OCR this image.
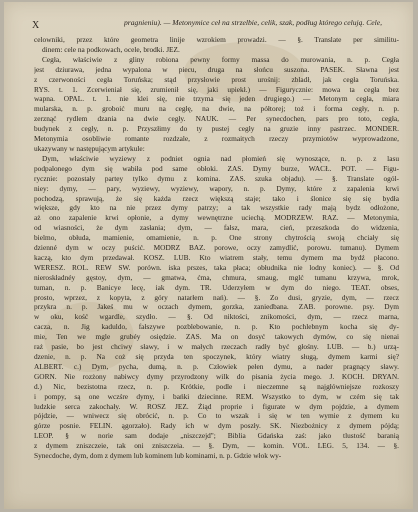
X	pragnieniu). — Metonymice ceł na strzelbie, celik, szak, podług którego celują. Cele,
celowniki, przez które geometra linije wzrokiem prowadzi. — §. Translate per similitu-
dinem: cele na podkowach, ocele, brodki. JEZ.
Cegła, właściwie z gliny robiona pewny formy massa do murowania, n. p. Cegła
jest dziurawa, jedna wypalona w piecu, druga na słońcu suszona. PASEK. Sławna jest
z czerwoności cegła Toruńska; stąd przysłowie prost urośnij: zbladł, jak cegła Toruńska.
RYS. t. 1. Zcerwieniał się, zrumienił się, jaki upiekł.) — Figurycznie: mowa ta cegła bez
wapna. OPAL. t. 1. nie klei się, nie trzyma się jeden drugiego.) — Metonym cegła, miara
mularska, n. p. groboić muru na cegłę, na dwie, na półtorej; toż i forma cegły, n. p.
zerznąć rydlem dzania na dwie cegły. NAUK. — Per synecdochen, pars pro toto, cegła,
budynek z cegły, n. p. Przyszłimy do ty pustej cegły na gruzie inny pastrzec. MONDER.
Metonymia osobliwie romante rozdzale, z rozmaitych rzeczy przymiotów wyprowadzone,
ukazywany w następującym artykule:
Dym, właściwie wyziewy z podniet ognia nad płomień się wynoszące, n. p. z lasu
podpalonego dym się wabiła pod same obłoki. ZAS. Dymy burze, WACŁ. POT. — Figu-
rycznie: pozostały partey tylko dymu z komina. ZAS. szuka objadu). — §. Translate ogól-
niey: dymy, — pary, wyziewy, wyziewy, wapory, n. p. Dymy, które z zapalenia krwi
pochodzą, sprawują, że się każda rzecz większą staje; tako i ślonice się się bydła
większe, gdy kto na nie przez dymy patrzy; a tak wszystkie rady mają bydz odłożone,
aż ono zapalenie krwi opłonie, a dymy wewnętrzne uciechą. MODRZEW. RAZ. — Metonymia,
od wiasności, że dym zasłania; dym, — fałsz, mara, cień, przeszkoda do widzenia,
bielmo, obłuda, mamienie, omamienie, n. p. One strony chytrością swoją chciały się
dzienné dym w oczy puścić. MODRZ BAZ. porowe, oczy zamydlić, porowu. tumanu). Dymem
kaczą, kto dym przedawał. KOSZ. LUB. Kto wiatrem stały, temu dymem ma bydź płacono.
WERESZ. ROL. REW SW. porówn. iska prszes, taka płaca; obłudnika nie lodny koniec). — §. Od
nieroskładnéy gęstoy, dym, — gmatwa, ćma, chmura, smaug, mglć tumanu krzywa, mrok,
tuman, n. p. Banicye lecę, iak dym. TR. Uderzyłem w dym do niego. TEAT. obses,
prosto, wprzez, z kopyta, z góry natarłem nań). — §. Zo dusi, gryzie, dym, — rzecz
przykra n. p. Jakeś mu w oczach dymem, gorzka, zaniedbana. ZAB. porowne. psy. Dym
w oku, kość wgardle, szydło. — §. Od niktości, znikomości, dym, — rzecz marna,
cacza, n. Jig kaduldo, fałszywe pozblebowanie, n. p. Kto pochlebnym kocha się dy-
mie, Ten we mgle grubéy osiędzie. ZAS. Ma on dosyć takowych dymów, co się nienai
raż pasie, bo jest chciwy sławy, i w małych rzeczach radły być głośny. LUB. — b.) urzą-
dzenie, n. p. Na coż się przyda ten spoczynek, który wiatry sługą, dymem karmi się?
ALBERT. c.) Dym, pycha, dumą, n. p. Człowiek pełen dymu, a nader pragnący sławy.
GORN. Nie rozżony nabiwcy dymy przyrodzony wilk do pisania życia mego. J. KOCH. DRYAN.
d.) Nic, bezistotna rzecz, n. p. Krótkie, podle i nieczemne są najgłówniejsze rozkoszy
i pompy, są one wczśre dymy, i bańki dziecinne. REM. Wszystko to dym, w czém się tak
ludzkie serca zakochały. W. ROSZ JEZ. Żiąd proprie i figurate w dym pojdzie, a dymem
pójdzie, — wniwecz się obrócić, n. p. Co to wszak i się w ten wymie z dymem ku
górze posnie. FELIN. ągorzało). Rady ich w dym poszły. SK. Niezbożnicy z dymem pójdą;
LEOP. § w norie sam dodaje „niszczejd"; Biblia Gdańska zaś: jako tlustość baranią
z dymem zniszczeie, tak oni zniszczeia. — §. Dym, — komin. VOL. LEG. 5, 134. — §.
Synecdoche, dym, dom z dymem lub kominem lub kominami, n. p. Gdzie włok wy-
